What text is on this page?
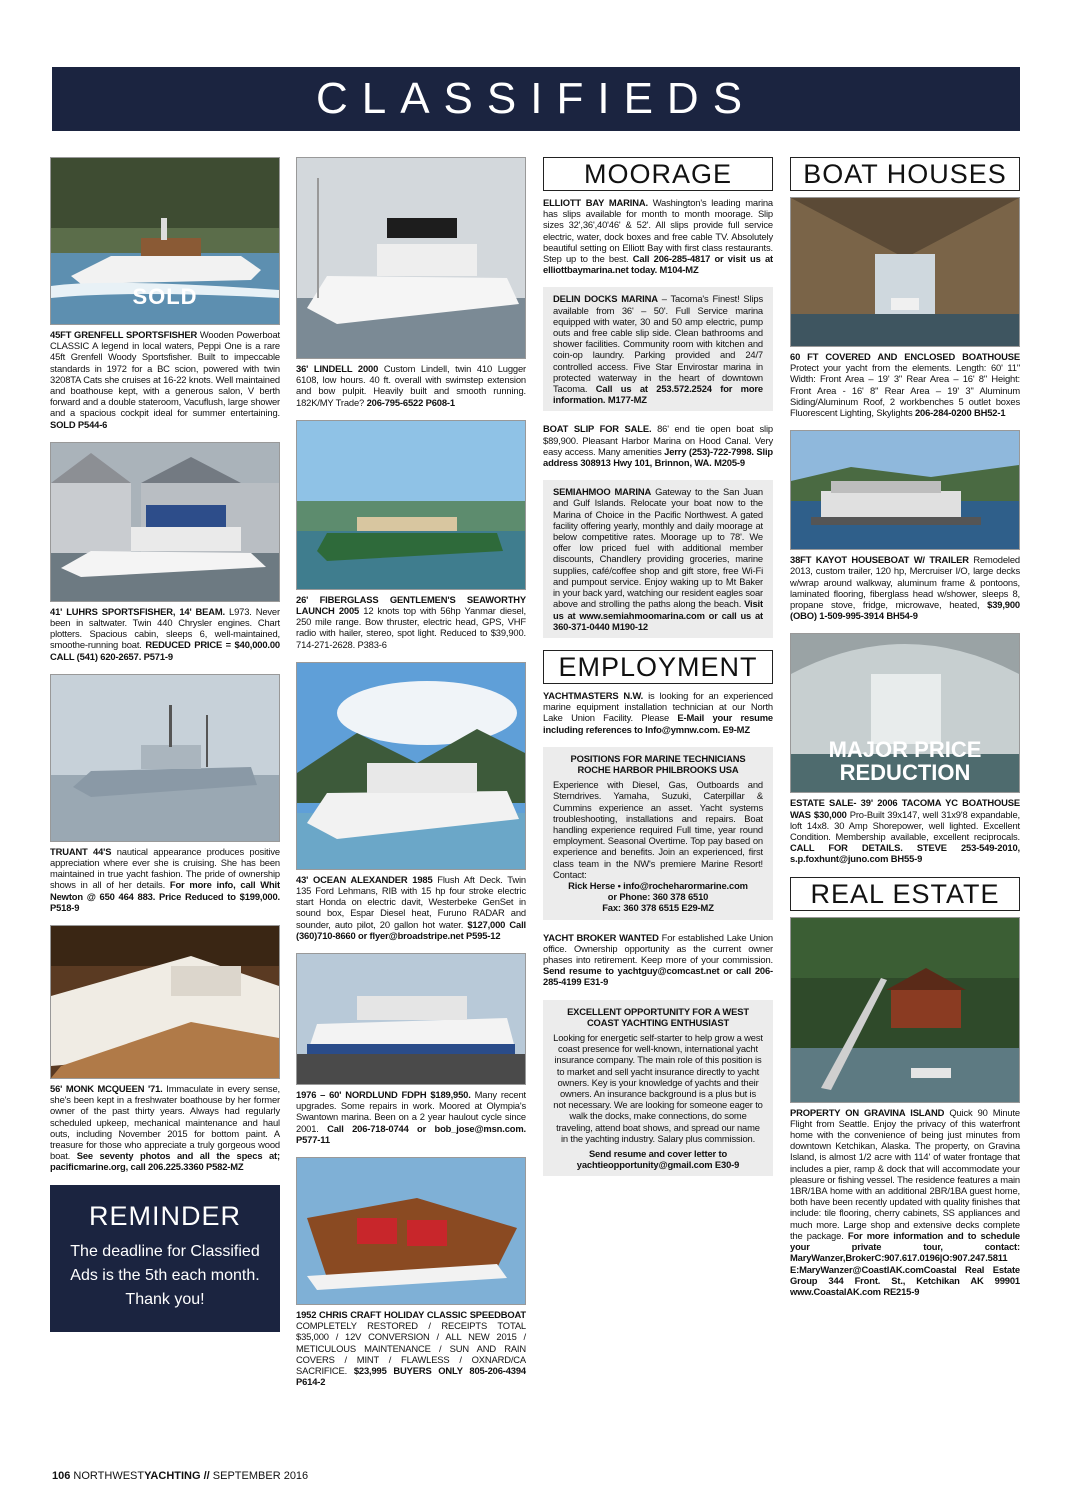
CLASSIFIEDS
SOLD

45FT GRENFELL SPORTSFISHER Wooden Powerboat CLASSIC A legend in local waters, Peppi One is a rare 45ft Grenfell Woody Sportsfisher. Built to impeccable standards in 1972 for a BC scion, powered with twin 3208TA Cats she cruises at 16-22 knots. Well maintained and boathouse kept, with a generous salon, V berth forward and a double stateroom, Vacuflush, large shower and a spacious cockpit ideal for summer entertaining. SOLD P544-6

41' LUHRS SPORTSFISHER, 14' BEAM. L973. Never been in saltwater. Twin 440 Chrysler engines. Chart plotters. Spacious cabin, sleeps 6, well-maintained, smoothe-running boat. REDUCED PRICE = $40,000.00 CALL (541) 620-2657. P571-9

TRUANT 44'S nautical appearance produces positive appreciation where ever she is cruising. She has been maintained in true yacht fashion. The pride of ownership shows in all of her details. For more info, call Whit Newton @ 650 464 883. Price Reduced to $199,000. P518-9

56' MONK MCQUEEN '71. Immaculate in every sense, she's been kept in a freshwater boathouse by her former owner of the past thirty years. Always had regularly scheduled upkeep, mechanical maintenance and haul outs, including November 2015 for bottom paint. A treasure for those who appreciate a truly gorgeous wood boat. See seventy photos and all the specs at; pacificmarine.org, call 206.225.3360 P582-MZ

REMINDER
The deadline for Classified Ads is the 5th each month. Thank you!

36' LINDELL 2000 Custom Lindell, twin 410 Lugger 6108, low hours. 40 ft. overall with swimstep extension and bow pulpit. Heavily built and smooth running. 182K/MY Trade? 206-795-6522 P608-1

26' FIBERGLASS GENTLEMEN'S SEAWORTHY LAUNCH 2005 12 knots top with 56hp Yanmar diesel, 250 mile range. Bow thruster, electric head, GPS, VHF radio with hailer, stereo, spot light. Reduced to $39,900. 714-271-2628. P383-6

43' OCEAN ALEXANDER 1985 Flush Aft Deck. Twin 135 Ford Lehmans, RIB with 15 hp four stroke electric start Honda on electric davit, Westerbeke GenSet in sound box, Espar Diesel heat, Furuno RADAR and sounder, auto pilot, 20 gallon hot water. $127,000 Call (360)710-8660 or flyer@broadstripe.net P595-12

1976 – 60' NORDLUND FDPH $189,950. Many recent upgrades. Some repairs in work. Moored at Olympia's Swantown marina. Been on a 2 year haulout cycle since 2001. Call 206-718-0744 or bob_jose@msn.com. P577-11

1952 CHRIS CRAFT HOLIDAY CLASSIC SPEEDBOAT COMPLETELY RESTORED / RECEIPTS TOTAL $35,000 / 12V CONVERSION / ALL NEW 2015 / METICULOUS MAINTENANCE / SUN AND RAIN COVERS / MINT / FLAWLESS / OXNARD/CA SACRIFICE. $23,995 BUYERS ONLY 805-206-4394 P614-2

MOORAGE

ELLIOTT BAY MARINA. Washington's leading marina has slips available for month to month moorage. Slip sizes 32',36',40'46' & 52'. All slips provide full service electric, water, dock boxes and free cable TV. Absolutely beautiful setting on Elliott Bay with first class restaurants. Step up to the best. Call 206-285-4817 or visit us at elliottbaymarina.net today. M104-MZ

DELIN DOCKS MARINA – Tacoma's Finest! Slips available from 36' – 50'. Full Service marina equipped with water, 30 and 50 amp electric, pump outs and free cable slip side. Clean bathrooms and shower facilities. Community room with kitchen and coin-op laundry. Parking provided and 24/7 controlled access. Five Star Envirostar marina in protected waterway in the heart of downtown Tacoma. Call us at 253.572.2524 for more information. M177-MZ

BOAT SLIP FOR SALE. 86' end tie open boat slip $89,900. Pleasant Harbor Marina on Hood Canal. Very easy access. Many amenities Jerry (253)-722-7998. Slip address 308913 Hwy 101, Brinnon, WA. M205-9

SEMIAHMOO MARINA Gateway to the San Juan and Gulf Islands. Relocate your boat now to the Marina of Choice in the Pacific Northwest. A gated facility offering yearly, monthly and daily moorage at below competitive rates. Moorage up to 78'. We offer low priced fuel with additional member discounts, Chandlery providing groceries, marine supplies, café/coffee shop and gift store, free Wi-Fi and pumpout service. Enjoy waking up to Mt Baker in your back yard, watching our resident eagles soar above and strolling the paths along the beach. Visit us at www.semiahmoomarina.com or call us at 360-371-0440 M190-12

EMPLOYMENT

YACHTMASTERS N.W. is looking for an experienced marine equipment installation technician at our North Lake Union Facility. Please E-Mail your resume including references to Info@ymnw.com. E9-MZ

POSITIONS FOR MARINE TECHNICIANS ROCHE HARBOR PHILBROOKS USA

Experience with Diesel, Gas, Outboards and Sterndrives. Yamaha, Suzuki, Caterpillar & Cummins experience an asset. Yacht systems troubleshooting, installations and repairs. Boat handling experience required Full time, year round employment. Seasonal Overtime. Top pay based on experience and benefits. Join an experienced, first class team in the NW's premiere Marine Resort! Contact:

Rick Herse • info@rocheharormarine.com

or Phone: 360 378 6510

Fax: 360 378 6515 E29-MZ

YACHT BROKER WANTED For established Lake Union office. Ownership opportunity as the current owner phases into retirement. Keep more of your commission. Send resume to yachtguy@comcast.net or call 206-285-4199 E31-9

EXCELLENT OPPORTUNITY FOR A WEST COAST YACHTING ENTHUSIAST

Looking for energetic self-starter to help grow a west coast presence for well-known, international yacht insurance company. The main role of this position is to market and sell yacht insurance directly to yacht owners. Key is your knowledge of yachts and their owners. An insurance background is a plus but is not necessary. We are looking for someone eager to walk the docks, make connections, do some traveling, attend boat shows, and spread our name in the yachting industry. Salary plus commission.

Send resume and cover letter to yachtieopportunity@gmail.com E30-9

BOAT HOUSES

60 FT COVERED AND ENCLOSED BOATHOUSE Protect your yacht from the elements. Length: 60' 11" Width: Front Area – 19' 3" Rear Area – 16' 8" Height: Front Area - 16' 8" Rear Area – 19' 3" Aluminum Siding/Aluminum Roof, 2 workbenches 5 outlet boxes Fluorescent Lighting, Skylights 206-284-0200 BH52-1

38FT KAYOT HOUSEBOAT W/ TRAILER Remodeled 2013, custom trailer, 120 hp, Mercruiser I/O, large decks w/wrap around walkway, aluminum frame & pontoons, laminated flooring, fiberglass head w/shower, sleeps 8, propane stove, fridge, microwave, heated, $39,900 (OBO) 1-509-995-3914 BH54-9

MAJOR PRICE
REDUCTION

ESTATE SALE- 39' 2006 TACOMA YC BOATHOUSE WAS $30,000 Pro-Built 39x147, well 31x9'8 expandable, loft 14x8. 30 Amp Shorepower, well lighted. Excellent Condition. Membership available, excellent reciprocals. CALL FOR DETAILS. STEVE 253-549-2010, s.p.foxhunt@juno.com BH55-9

REAL ESTATE

PROPERTY ON GRAVINA ISLAND Quick 90 Minute Flight from Seattle. Enjoy the privacy of this waterfront home with the convenience of being just minutes from downtown Ketchikan, Alaska. The property, on Gravina Island, is almost 1/2 acre with 114' of water frontage that includes a pier, ramp & dock that will accommodate your pleasure or fishing vessel. The residence features a main 1BR/1BA home with an additional 2BR/1BA guest home, both have been recently updated with quality finishes that include: tile flooring, cherry cabinets, SS appliances and much more. Large shop and extensive decks complete the package. For more information and to schedule your private tour, contact: MaryWanzer,BrokerC:907.617.0196|O:907.247.5811 E:MaryWanzer@CoastlAK.comCoastal Real Estate Group 344 Front. St., Ketchikan AK 99901 www.CoastalAK.com RE215-9

106 NORTHWESTYACHTING // SEPTEMBER 2016
